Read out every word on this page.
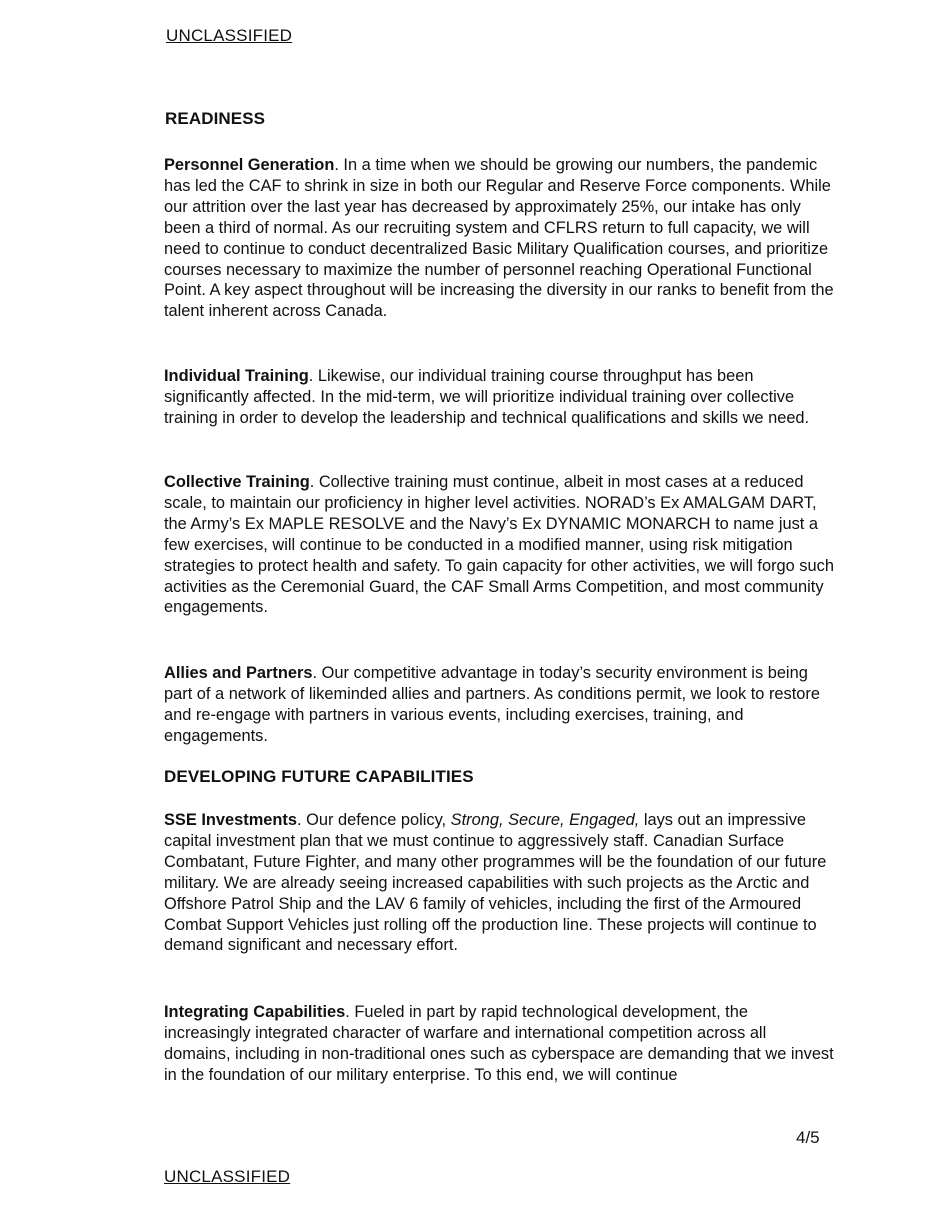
UNCLASSIFIED
READINESS

Personnel Generation. In a time when we should be growing our numbers, the pandemic has led the CAF to shrink in size in both our Regular and Reserve Force components. While our attrition over the last year has decreased by approximately 25%, our intake has only been a third of normal. As our recruiting system and CFLRS return to full capacity, we will need to continue to conduct decentralized Basic Military Qualification courses, and prioritize courses necessary to maximize the number of personnel reaching Operational Functional Point. A key aspect throughout will be increasing the diversity in our ranks to benefit from the talent inherent across Canada.

Individual Training. Likewise, our individual training course throughput has been significantly affected. In the mid-term, we will prioritize individual training over collective training in order to develop the leadership and technical qualifications and skills we need.

Collective Training. Collective training must continue, albeit in most cases at a reduced scale, to maintain our proficiency in higher level activities. NORAD’s Ex AMALGAM DART, the Army’s Ex MAPLE RESOLVE and the Navy’s Ex DYNAMIC MONARCH to name just a few exercises, will continue to be conducted in a modified manner, using risk mitigation strategies to protect health and safety. To gain capacity for other activities, we will forgo such activities as the Ceremonial Guard, the CAF Small Arms Competition, and most community engagements.

Allies and Partners. Our competitive advantage in today’s security environment is being part of a network of likeminded allies and partners. As conditions permit, we look to restore and re-engage with partners in various events, including exercises, training, and engagements.

DEVELOPING FUTURE CAPABILITIES

SSE Investments. Our defence policy, Strong, Secure, Engaged, lays out an impressive capital investment plan that we must continue to aggressively staff. Canadian Surface Combatant, Future Fighter, and many other programmes will be the foundation of our future military. We are already seeing increased capabilities with such projects as the Arctic and Offshore Patrol Ship and the LAV 6 family of vehicles, including the first of the Armoured Combat Support Vehicles just rolling off the production line. These projects will continue to demand significant and necessary effort.

Integrating Capabilities. Fueled in part by rapid technological development, the increasingly integrated character of warfare and international competition across all domains, including in non-traditional ones such as cyberspace are demanding that we invest in the foundation of our military enterprise. To this end, we will continue

4/5
UNCLASSIFIED
